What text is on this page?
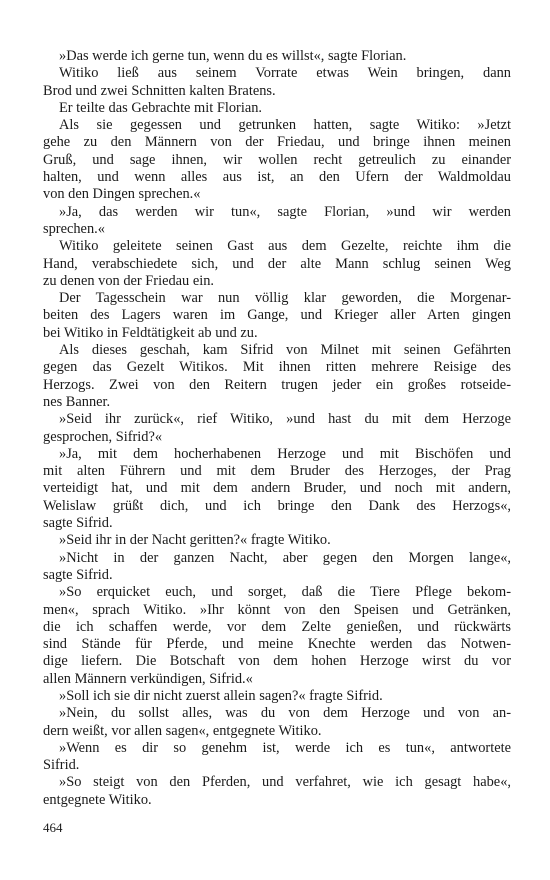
»Das werde ich gerne tun, wenn du es willst«, sagte Florian.
Witiko ließ aus seinem Vorrate etwas Wein bringen, dann
Brod und zwei Schnitten kalten Bratens.
Er teilte das Gebrachte mit Florian.
Als sie gegessen und getrunken hatten, sagte Witiko: »Jetzt
gehe zu den Männern von der Friedau, und bringe ihnen meinen
Gruß, und sage ihnen, wir wollen recht getreulich zu einander
halten, und wenn alles aus ist, an den Ufern der Waldmoldau
von den Dingen sprechen.«
»Ja, das werden wir tun«, sagte Florian, »und wir werden
sprechen.«
Witiko geleitete seinen Gast aus dem Gezelte, reichte ihm die
Hand, verabschiedete sich, und der alte Mann schlug seinen Weg
zu denen von der Friedau ein.
Der Tagesschein war nun völlig klar geworden, die Morgenar-
beiten des Lagers waren im Gange, und Krieger aller Arten gingen
bei Witiko in Feldtätigkeit ab und zu.
Als dieses geschah, kam Sifrid von Milnet mit seinen Gefährten
gegen das Gezelt Witikos. Mit ihnen ritten mehrere Reisige des
Herzogs. Zwei von den Reitern trugen jeder ein großes rotseide-
nes Banner.
»Seid ihr zurück«, rief Witiko, »und hast du mit dem Herzoge
gesprochen, Sifrid?«
»Ja, mit dem hocherhabenen Herzoge und mit Bischöfen und
mit alten Führern und mit dem Bruder des Herzoges, der Prag
verteidigt hat, und mit dem andern Bruder, und noch mit andern,
Welislaw grüßt dich, und ich bringe den Dank des Herzogs«,
sagte Sifrid.
»Seid ihr in der Nacht geritten?« fragte Witiko.
»Nicht in der ganzen Nacht, aber gegen den Morgen lange«,
sagte Sifrid.
»So erquicket euch, und sorget, daß die Tiere Pflege bekom-
men«, sprach Witiko. »Ihr könnt von den Speisen und Getränken,
die ich schaffen werde, vor dem Zelte genießen, und rückwärts
sind Stände für Pferde, und meine Knechte werden das Notwen-
dige liefern. Die Botschaft von dem hohen Herzoge wirst du vor
allen Männern verkündigen, Sifrid.«
»Soll ich sie dir nicht zuerst allein sagen?« fragte Sifrid.
»Nein, du sollst alles, was du von dem Herzoge und von an-
dern weißt, vor allen sagen«, entgegnete Witiko.
»Wenn es dir so genehm ist, werde ich es tun«, antwortete
Sifrid.
»So steigt von den Pferden, und verfahret, wie ich gesagt habe«,
entgegnete Witiko.
464
